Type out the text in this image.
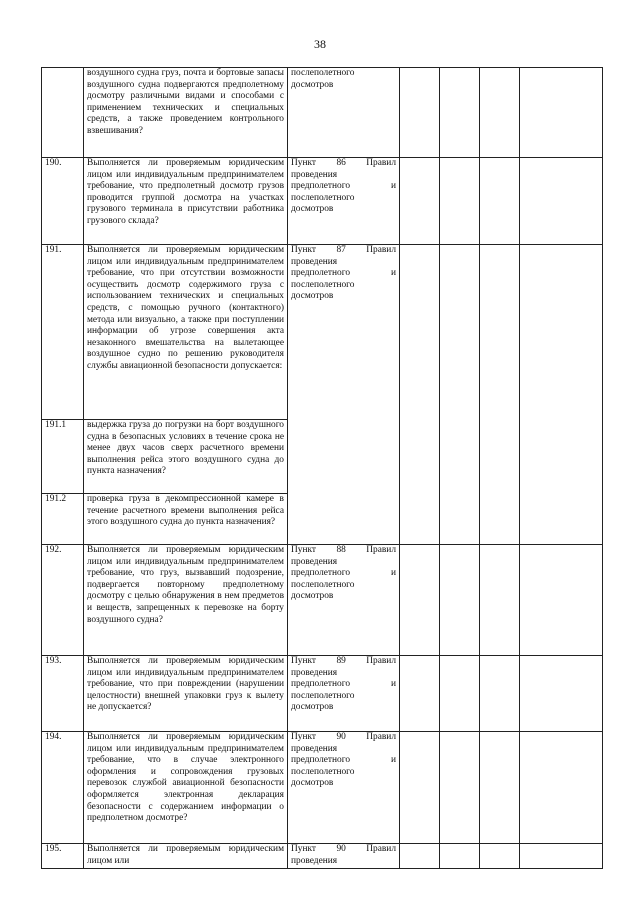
38
	воздушного судна груз, почта и бортовые запасы воздушного судна подвергаются предполетному досмотру различными видами и способами с применением технических и специальных средств, а также проведением контрольного взвешивания?	послеполетного досмотров				
190.	Выполняется ли проверяемым юридическим лицом или индивидуальным предпринимателем требование, что предполетный досмотр грузов проводится группой досмотра на участках грузового терминала в присутствии работника грузового склада?	Пункт 86 Правил проведения предполетного и послеполетного досмотров				
191.	Выполняется ли проверяемым юридическим лицом или индивидуальным предпринимателем требование, что при отсутствии возможности осуществить досмотр содержимого груза с использованием технических и специальных средств, с помощью ручного (контактного) метода или визуально, а также при поступлении информации об угрозе совершения акта незаконного вмешательства на вылетающее воздушное судно по решению руководителя службы авиационной безопасности допускается:	Пункт 87 Правил проведения предполетного и послеполетного досмотров				
191.1	выдержка груза до погрузки на борт воздушного судна в безопасных условиях в течение срока не менее двух часов сверх расчетного времени выполнения рейса этого воздушного судна до пункта назначения?					
191.2	проверка груза в декомпрессионной камере в течение расчетного времени выполнения рейса этого воздушного судна до пункта назначения?					
192.	Выполняется ли проверяемым юридическим лицом или индивидуальным предпринимателем требование, что груз, вызвавший подозрение, подвергается повторному предполетному досмотру с целью обнаружения в нем предметов и веществ, запрещенных к перевозке на борту воздушного судна?	Пункт 88 Правил проведения предполетного и послеполетного досмотров				
193.	Выполняется ли проверяемым юридическим лицом или индивидуальным предпринимателем требование, что при повреждении (нарушении целостности) внешней упаковки груз к вылету не допускается?	Пункт 89 Правил проведения предполетного и послеполетного досмотров				
194.	Выполняется ли проверяемым юридическим лицом или индивидуальным предпринимателем требование, что в случае электронного оформления и сопровождения грузовых перевозок службой авиационной безопасности оформляется электронная декларация безопасности с содержанием информации о предполетном досмотре?	Пункт 90 Правил проведения предполетного и послеполетного досмотров				
195.	Выполняется ли проверяемым юридическим лицом или	Пункт 90 Правил проведения				
